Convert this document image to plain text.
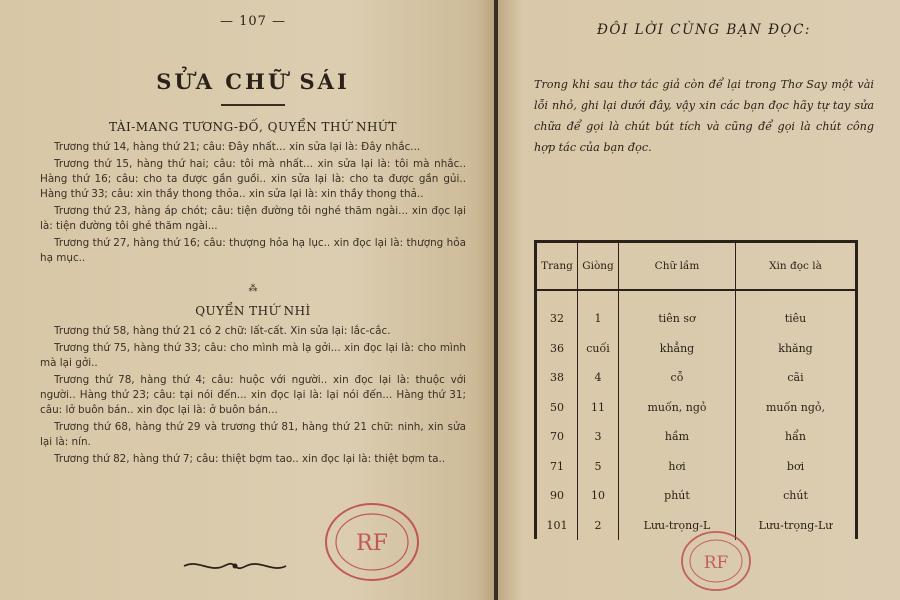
— 107 —
SỬA CHỮ SÁI
TÀI-MANG TƯƠNG-ĐỐ, QUYỂN THỨ NHỨT

Trương thứ 14, hàng thứ 21; câu: Đây nhất... xin sửa lại là: Đây nhắc...

Trương thứ 15, hàng thứ hai; câu: tôi mà nhất... xin sửa lại là: tôi mà nhắc.. Hàng thứ 16; câu: cho ta được gần guồi.. xin sửa lại là: cho ta được gần gủi.. Hàng thứ 33; câu: xin thầy thong thỏa.. xin sửa lại là: xin thầy thong thả..

Trương thứ 23, hàng áp chót; câu: tiện đường tôi nghé thăm ngài... xin đọc lại là: tiện đường tôi ghé thăm ngài...

Trương thứ 27, hàng thứ 16; câu: thượng hỏa hạ lục.. xin đọc lại là: thượng hỏa hạ mục..

⁂
QUYỂN THỨ NHÌ

Trương thứ 58, hàng thứ 21 có 2 chữ: lất-cất. Xin sửa lại: lắc-cắc.

Trương thứ 75, hàng thứ 33; câu: cho mình mà lạ gởi... xin đọc lại là: cho mình mà lại gởi..

Trương thứ 78, hàng thứ 4; câu: huộc với người.. xin đọc lại là: thuộc với người.. Hàng thứ 23; câu: tại nói đến... xin đọc lại là: lại nói đến... Hàng thứ 31; câu: lở buôn bán.. xin đọc lại là: ở buôn bán...

Trương thứ 68, hàng thứ 29 và trương thứ 81, hàng thứ 21 chữ: ninh, xin sửa lại là: nín.

Trương thứ 82, hàng thứ 7; câu: thiệt bợm tao.. xin đọc lại là: thiệt bợm ta..

RF
ĐÔI LỜI CÙNG BẠN ĐỌC:
Trong khi sau thơ tác giả còn để lại trong Thơ Say một vài lỗi nhỏ, ghi lại dưới đây, vậy xin các bạn đọc hãy tự tay sửa chữa để gọi là chút bút tích và cũng để gọi là chút công hợp tác của bạn đọc.
Trang	Giòng	Chữ lầm	Xin đọc là
32	1	tiên sơ	tiêu
36	cuối	khẳng	khăng
38	4	cỗ	cãi
50	11	muốn, ngỏ	muốn ngỏ,
70	3	hầm	hẩn
71	5	hơi	bơi
90	10	phút	chút
101	2	Lưu-trọng-L	Lưu-trọng-Lư
RF
